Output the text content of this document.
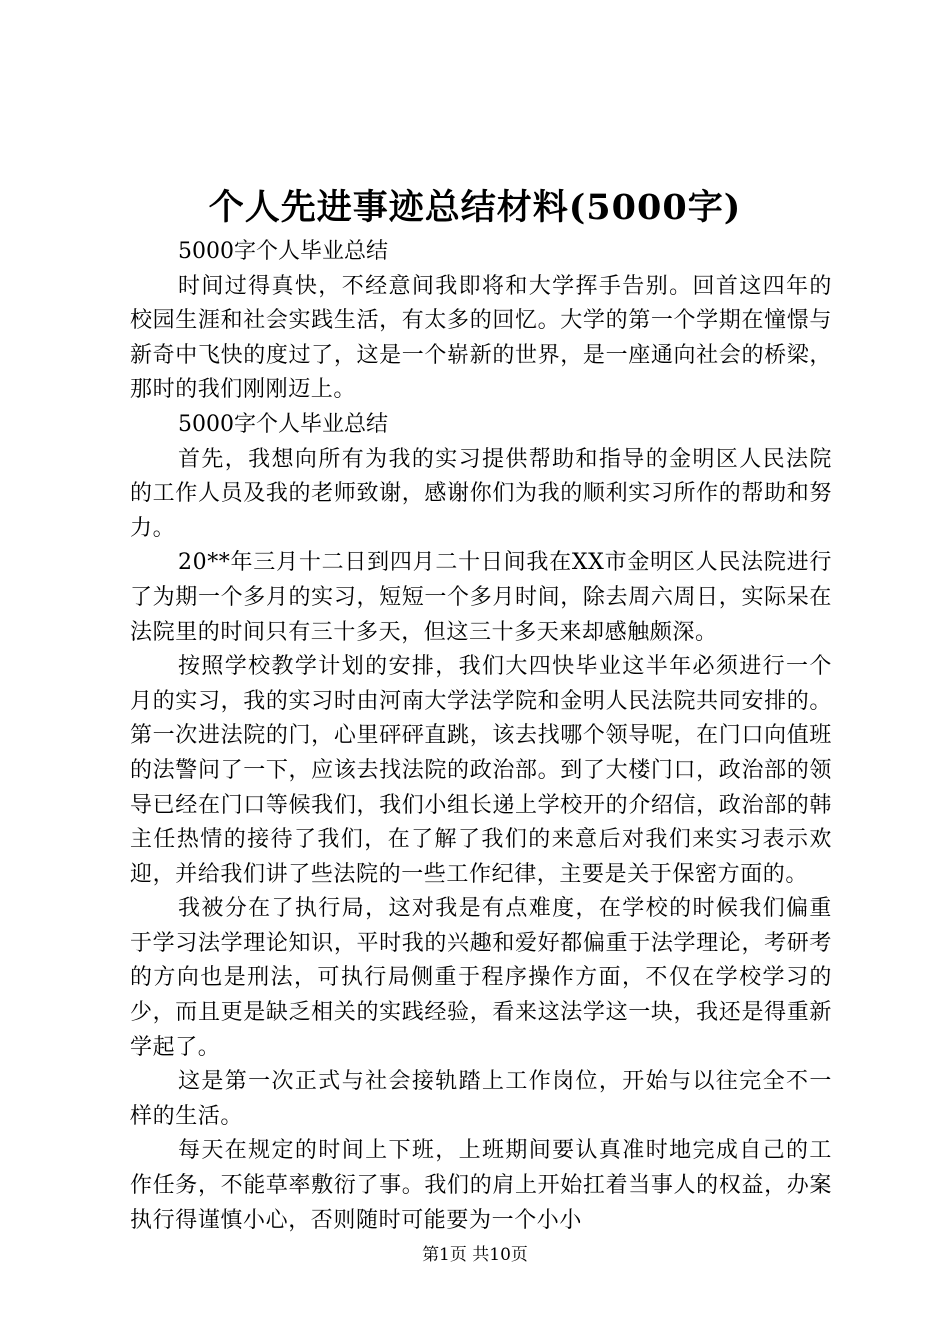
个人先进事迹总结材料(5000字)

5000字个人毕业总结

时间过得真快，不经意间我即将和大学挥手告别。回首这四年的校园生涯和社会实践生活，有太多的回忆。大学的第一个学期在憧憬与新奇中飞快的度过了，这是一个崭新的世界，是一座通向社会的桥梁，那时的我们刚刚迈上。

5000字个人毕业总结

首先，我想向所有为我的实习提供帮助和指导的金明区人民法院的工作人员及我的老师致谢，感谢你们为我的顺利实习所作的帮助和努力。

20**年三月十二日到四月二十日间我在XX市金明区人民法院进行了为期一个多月的实习，短短一个多月时间，除去周六周日，实际呆在法院里的时间只有三十多天，但这三十多天来却感触颇深。

按照学校教学计划的安排，我们大四快毕业这半年必须进行一个月的实习，我的实习时由河南大学法学院和金明人民法院共同安排的。第一次进法院的门，心里砰砰直跳，该去找哪个领导呢，在门口向值班的法警问了一下，应该去找法院的政治部。到了大楼门口，政治部的领导已经在门口等候我们，我们小组长递上学校开的介绍信，政治部的韩主任热情的接待了我们，在了解了我们的来意后对我们来实习表示欢迎，并给我们讲了些法院的一些工作纪律，主要是关于保密方面的。

我被分在了执行局，这对我是有点难度，在学校的时候我们偏重于学习法学理论知识，平时我的兴趣和爱好都偏重于法学理论，考研考的方向也是刑法，可执行局侧重于程序操作方面，不仅在学校学习的少，而且更是缺乏相关的实践经验，看来这法学这一块，我还是得重新学起了。

这是第一次正式与社会接轨踏上工作岗位，开始与以往完全不一样的生活。

每天在规定的时间上下班，上班期间要认真准时地完成自己的工作任务，不能草率敷衍了事。我们的肩上开始扛着当事人的权益，办案执行得谨慎小心，否则随时可能要为一个小小

第1页 共10页
